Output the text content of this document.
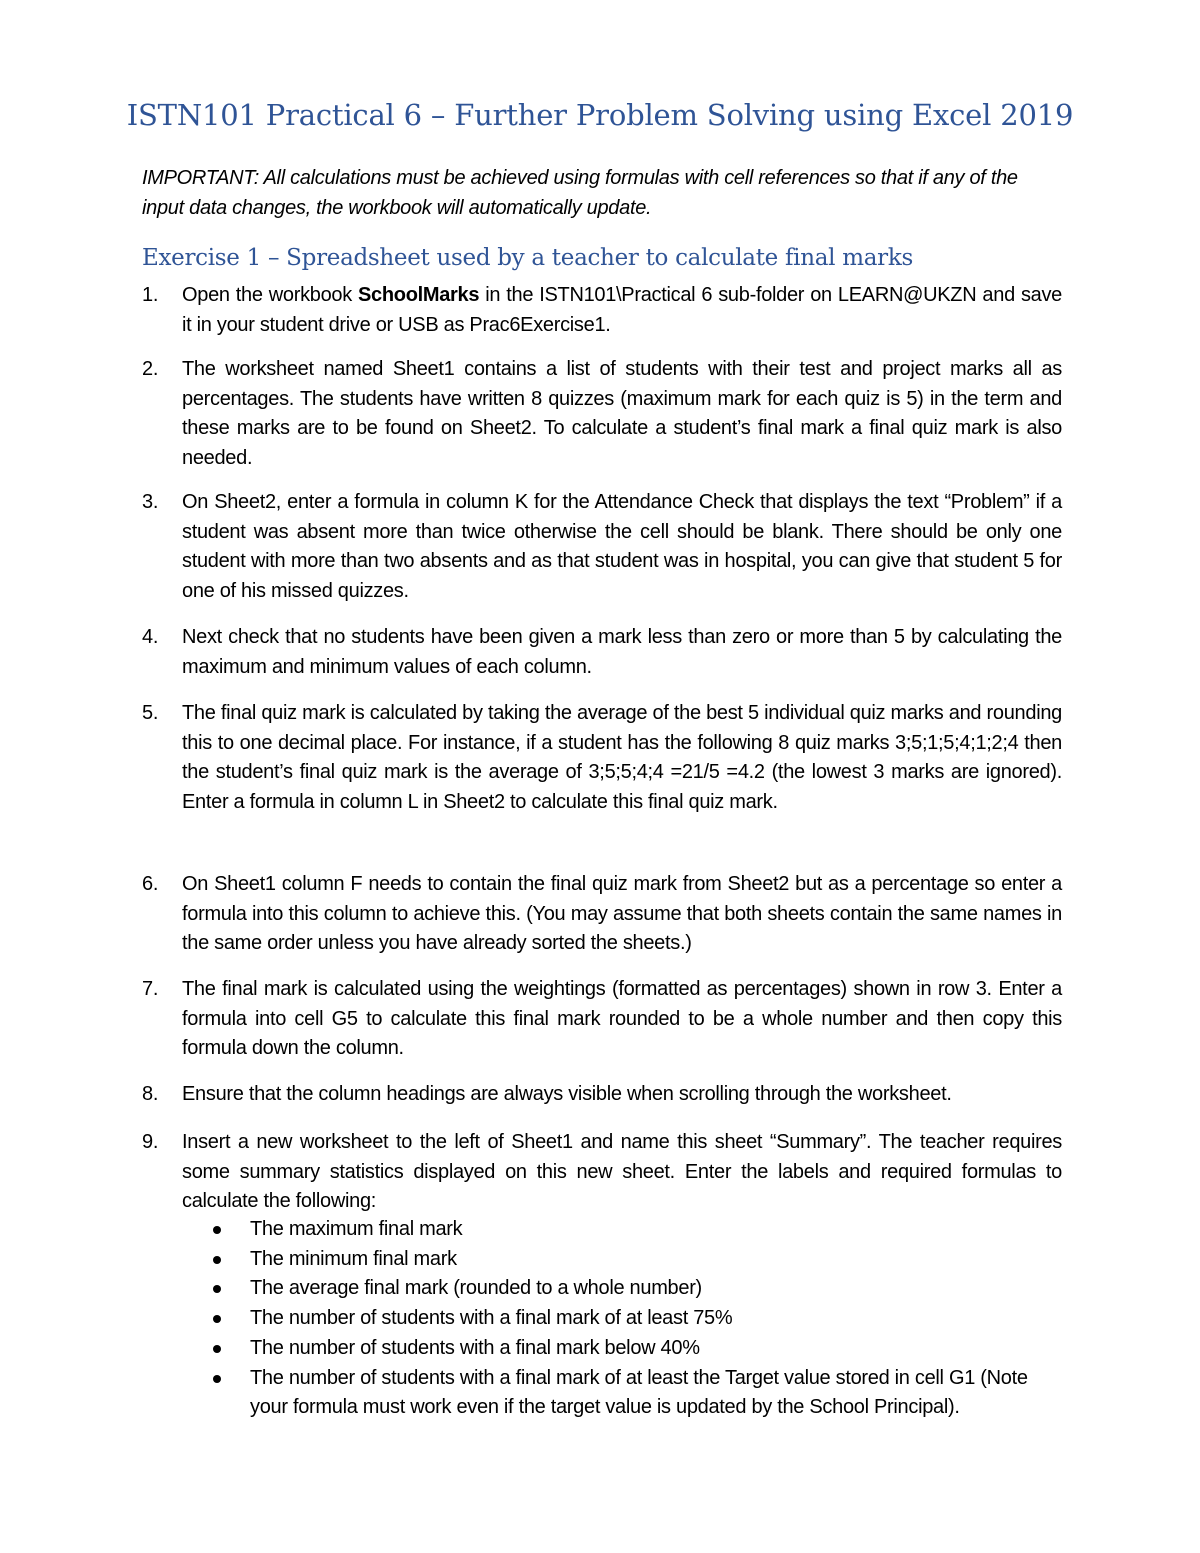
ISTN101 Practical 6 – Further Problem Solving using Excel 2019
IMPORTANT: All calculations must be achieved using formulas with cell references so that if any of the input data changes, the workbook will automatically update.
Exercise 1 – Spreadsheet used by a teacher to calculate final marks
1.	Open the workbook SchoolMarks in the ISTN101\Practical 6 sub-folder on LEARN@UKZN and save it in your student drive or USB as Prac6Exercise1.
2.	The worksheet named Sheet1 contains a list of students with their test and project marks all as percentages. The students have written 8 quizzes (maximum mark for each quiz is 5) in the term and these marks are to be found on Sheet2. To calculate a student’s final mark a final quiz mark is also needed.
3.	On Sheet2, enter a formula in column K for the Attendance Check that displays the text “Problem” if a student was absent more than twice otherwise the cell should be blank. There should be only one student with more than two absents and as that student was in hospital, you can give that student 5 for one of his missed quizzes.
4.	Next check that no students have been given a mark less than zero or more than 5 by calculating the maximum and minimum values of each column.
5.	The final quiz mark is calculated by taking the average of the best 5 individual quiz marks and rounding this to one decimal place. For instance, if a student has the following 8 quiz marks 3;5;1;5;4;1;2;4 then the student’s final quiz mark is the average of 3;5;5;4;4 =21/5 =4.2 (the lowest 3 marks are ignored). Enter a formula in column L in Sheet2 to calculate this final quiz mark.
6.	On Sheet1 column F needs to contain the final quiz mark from Sheet2 but as a percentage so enter a formula into this column to achieve this. (You may assume that both sheets contain the same names in the same order unless you have already sorted the sheets.)
7.	The final mark is calculated using the weightings (formatted as percentages) shown in row 3. Enter a formula into cell G5 to calculate this final mark rounded to be a whole number and then copy this formula down the column.
8.	Ensure that the column headings are always visible when scrolling through the worksheet.
9.	Insert a new worksheet to the left of Sheet1 and name this sheet “Summary”. The teacher requires some summary statistics displayed on this new sheet. Enter the labels and required formulas to calculate the following:
The maximum final mark
The minimum final mark
The average final mark (rounded to a whole number)
The number of students with a final mark of at least 75%
The number of students with a final mark below 40%
The number of students with a final mark of at least the Target value stored in cell G1 (Note your formula must work even if the target value is updated by the School Principal).
